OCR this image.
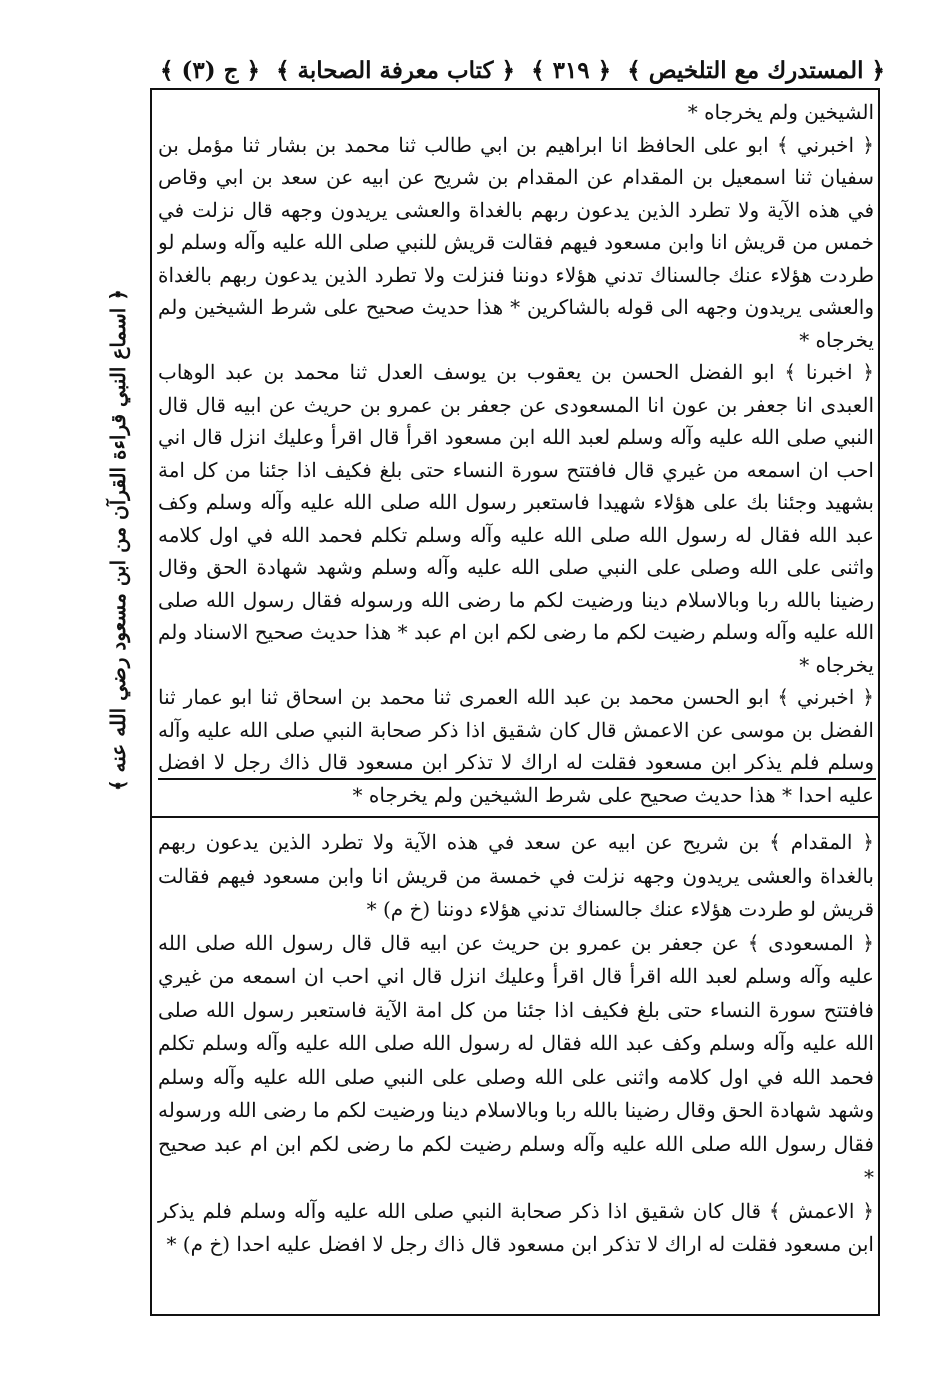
﴿ المستدرك مع التلخيص ﴾
﴿ ٣١٩ ﴾
﴿ كتاب معرفة الصحابة ﴾
﴿ ج (٣) ﴾
﴿ اسماع النبي قراءة القرآن من ابن مسعود رضي الله عنه ﴾

الشيخين ولم يخرجاه *

﴿ اخبرني ﴾ ابو على الحافظ انا ابراهيم بن ابي طالب ثنا محمد بن بشار ثنا مؤمل بن سفيان ثنا اسمعيل بن المقدام عن المقدام بن شريح عن ابيه عن سعد بن ابي وقاص في هذه الآية ولا تطرد الذين يدعون ربهم بالغداة والعشى يريدون وجهه قال نزلت في خمس من قريش انا وابن مسعود فيهم فقالت قريش للنبي صلى الله عليه وآله وسلم لو طردت هؤلاء عنك جالسناك تدني هؤلاء دوننا فنزلت ولا تطرد الذين يدعون ربهم بالغداة والعشى يريدون وجهه الى قوله بالشاكرين * هذا حديث صحيح على شرط الشيخين ولم يخرجاه *

﴿ اخبرنا ﴾ ابو الفضل الحسن بن يعقوب بن يوسف العدل ثنا محمد بن عبد الوهاب العبدى انا جعفر بن عون انا المسعودى عن جعفر بن عمرو بن حريث عن ابيه قال قال النبي صلى الله عليه وآله وسلم لعبد الله ابن مسعود اقرأ قال اقرأ وعليك انزل قال اني احب ان اسمعه من غيري قال فافتتح سورة النساء حتى بلغ فكيف اذا جئنا من كل امة بشهيد وجئنا بك على هؤلاء شهيدا فاستعبر رسول الله صلى الله عليه وآله وسلم وكف عبد الله فقال له رسول الله صلى الله عليه وآله وسلم تكلم فحمد الله في اول كلامه واثنى على الله وصلى على النبي صلى الله عليه وآله وسلم وشهد شهادة الحق وقال رضينا بالله ربا وبالاسلام دينا ورضيت لكم ما رضى الله ورسوله فقال رسول الله صلى الله عليه وآله وسلم رضيت لكم ما رضى لكم ابن ام عبد * هذا حديث صحيح الاسناد ولم يخرجاه *

﴿ اخبرني ﴾ ابو الحسن محمد بن عبد الله العمرى ثنا محمد بن اسحاق ثنا ابو عمار ثنا الفضل بن موسى عن الاعمش قال كان شقيق اذا ذكر صحابة النبي صلى الله عليه وآله وسلم فلم يذكر ابن مسعود فقلت له اراك لا تذكر ابن مسعود قال ذاك رجل لا افضل عليه احدا * هذا حديث صحيح على شرط الشيخين ولم يخرجاه *

﴿ المقدام ﴾ بن شريح عن ابيه عن سعد في هذه الآية ولا تطرد الذين يدعون ربهم بالغداة والعشى يريدون وجهه نزلت في خمسة من قريش انا وابن مسعود فيهم فقالت قريش لو طردت هؤلاء عنك جالسناك تدني هؤلاء دوننا (خ م) *

﴿ المسعودى ﴾ عن جعفر بن عمرو بن حريث عن ابيه قال قال رسول الله صلى الله عليه وآله وسلم لعبد الله اقرأ قال اقرأ وعليك انزل قال اني احب ان اسمعه من غيري فافتتح سورة النساء حتى بلغ فكيف اذا جئنا من كل امة الآية فاستعبر رسول الله صلى الله عليه وآله وسلم وكف عبد الله فقال له رسول الله صلى الله عليه وآله وسلم تكلم فحمد الله في اول كلامه واثنى على الله وصلى على النبي صلى الله عليه وآله وسلم وشهد شهادة الحق وقال رضينا بالله ربا وبالاسلام دينا ورضيت لكم ما رضى الله ورسوله فقال رسول الله صلى الله عليه وآله وسلم رضيت لكم ما رضى لكم ابن ام عبد صحيح *

﴿ الاعمش ﴾ قال كان شقيق اذا ذكر صحابة النبي صلى الله عليه وآله وسلم فلم يذكر ابن مسعود فقلت له اراك لا تذكر ابن مسعود قال ذاك رجل لا افضل عليه احدا (خ م) *
